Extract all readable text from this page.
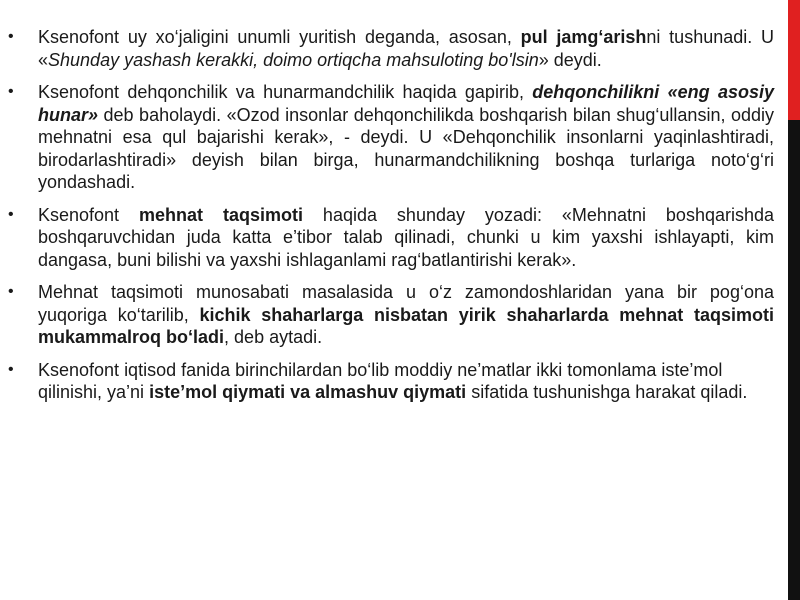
• Ksenofont uy xo‘jaligini unumli yuritish deganda, asosan, pul jamg‘arishni tushunadi. U «Shunday yashash kerakki, doimo ortiqcha mahsuloting bo'lsin» deydi.
• Ksenofont dehqonchilik va hunarmandchilik haqida gapirib, dehqonchilikni «eng asosiy hunar» deb baholaydi. «Ozod insonlar dehqonchilikda boshqarish bilan shug‘ullansin, oddiy mehnatni esa qul bajarishi kerak», - deydi. U «Dehqonchilik insonlarni yaqinlashtiradi, birodarlashtiradi» deyish bilan birga, hunarmandchilikning boshqa turlariga noto‘g‘ri yondashadi.
• Ksenofont mehnat taqsimoti haqida shunday yozadi: «Mehnatni boshqarishda boshqaruvchidan juda katta e’tibor talab qilinadi, chunki u kim yaxshi ishlayapti, kim dangasa, buni bilishi va yaxshi ishlaganlami rag‘batlantirishi kerak».
• Mehnat taqsimoti munosabati masalasida u o‘z zamondoshlaridan yana bir pog‘ona yuqoriga ko‘tarilib, kichik shaharlarga nisbatan yirik shaharlarda mehnat taqsimoti mukammalroq bo‘ladi, deb aytadi.
• Ksenofont iqtisod fanida birinchilardan bo‘lib moddiy ne’matlar ikki tomonlama iste’mol qilinishi, ya’ni iste’mol qiymati va almashuv qiymati sifatida tushunishga harakat qiladi.
